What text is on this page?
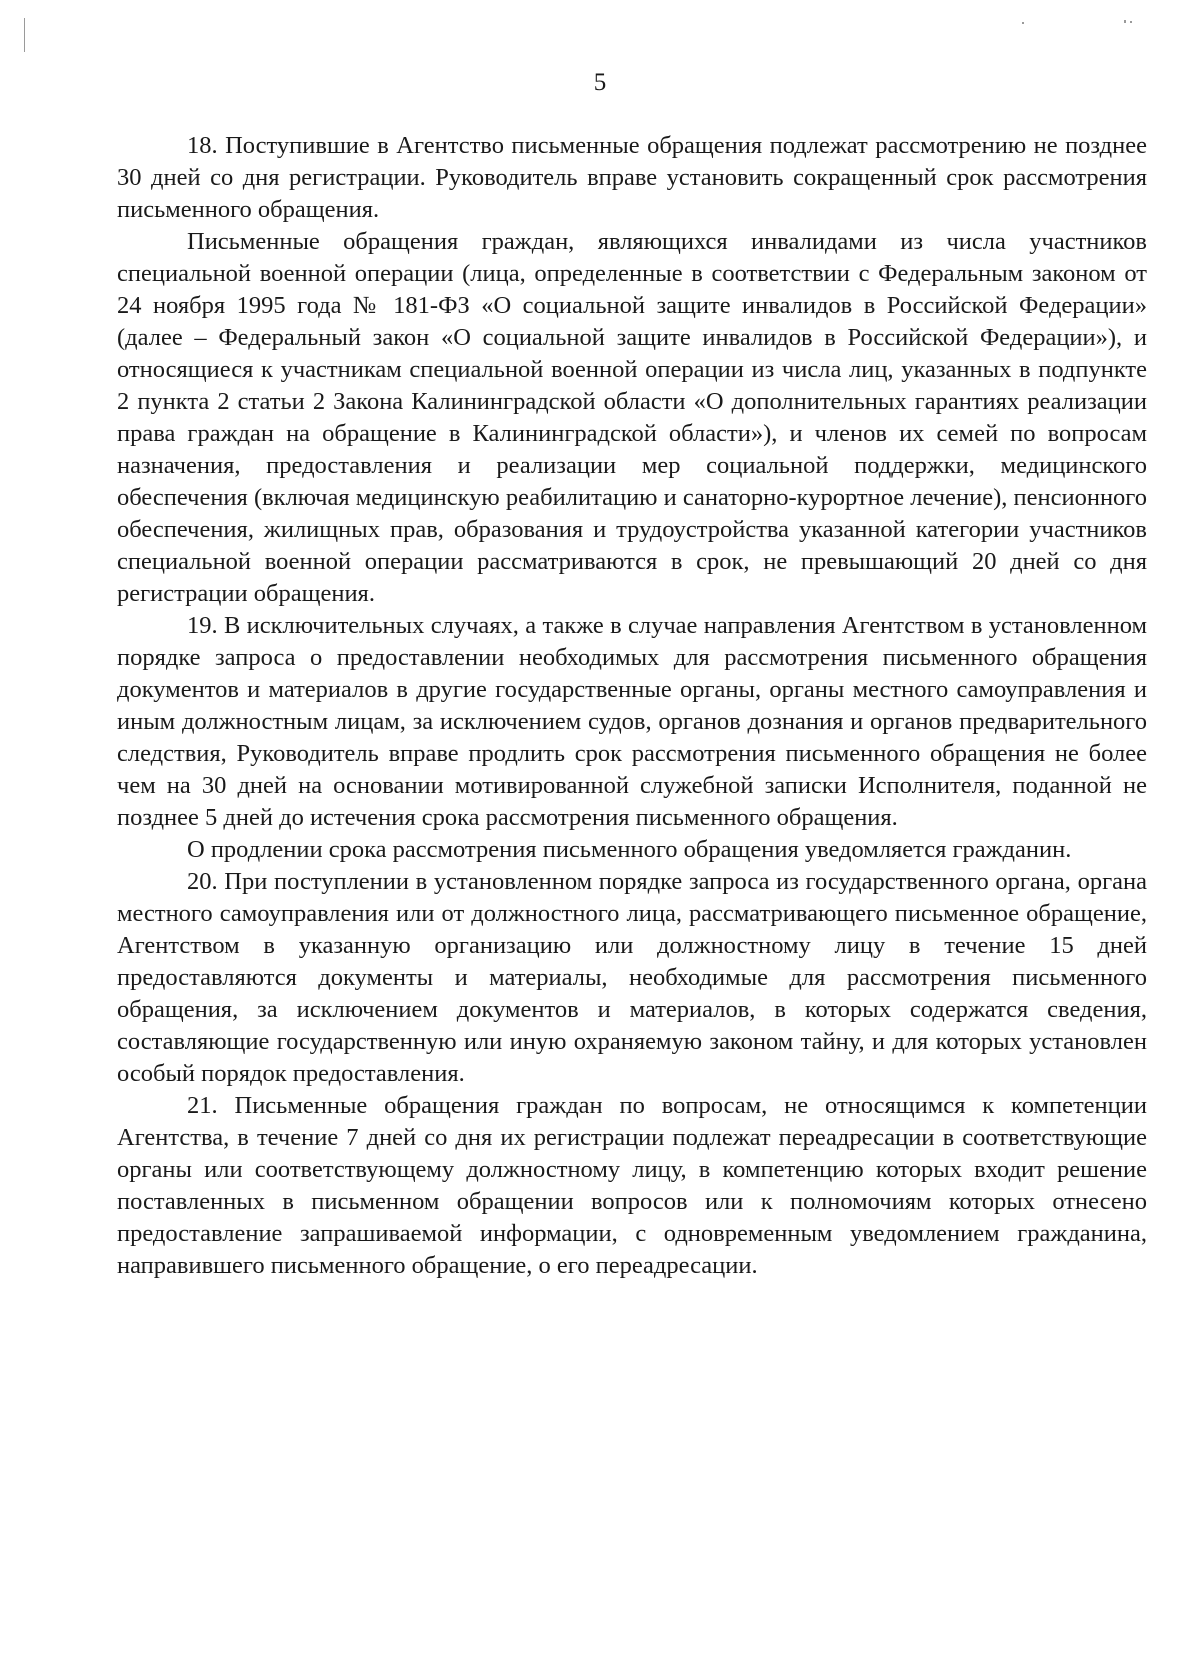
5

18. Поступившие в Агентство письменные обращения подлежат рассмотрению не позднее 30 дней со дня регистрации. Руководитель вправе установить сокращенный срок рассмотрения письменного обращения.

Письменные обращения граждан, являющихся инвалидами из числа участников специальной военной операции (лица, определенные в соответствии с Федеральным законом от 24 ноября 1995 года № 181-ФЗ «О социальной защите инвалидов в Российской Федерации» (далее – Федеральный закон «О социальной защите инвалидов в Российской Федерации»), и относящиеся к участникам специальной военной операции из числа лиц, указанных в подпункте 2 пункта 2 статьи 2 Закона Калининградской области «О дополнительных гарантиях реализации права граждан на обращение в Калининградской области»), и членов их семей по вопросам назначения, предоставления и реализации мер социальной поддержки, медицинского обеспечения (включая медицинскую реабилитацию и санаторно-курортное лечение), пенсионного обеспечения, жилищных прав, образования и трудоустройства указанной категории участников специальной военной операции рассматриваются в срок, не превышающий 20 дней со дня регистрации обращения.

19. В исключительных случаях, а также в случае направления Агентством в установленном порядке запроса о предоставлении необходимых для рассмотрения письменного обращения документов и материалов в другие государственные органы, органы местного самоуправления и иным должностным лицам, за исключением судов, органов дознания и органов предварительного следствия, Руководитель вправе продлить срок рассмотрения письменного обращения не более чем на 30 дней на основании мотивированной служебной записки Исполнителя, поданной не позднее 5 дней до истечения срока рассмотрения письменного обращения.

О продлении срока рассмотрения письменного обращения уведомляется гражданин.

20. При поступлении в установленном порядке запроса из государственного органа, органа местного самоуправления или от должностного лица, рассматривающего письменное обращение, Агентством в указанную организацию или должностному лицу в течение 15 дней предоставляются документы и материалы, необходимые для рассмотрения письменного обращения, за исключением документов и материалов, в которых содержатся сведения, составляющие государственную или иную охраняемую законом тайну, и для которых установлен особый порядок предоставления.

21. Письменные обращения граждан по вопросам, не относящимся к компетенции Агентства, в течение 7 дней со дня их регистрации подлежат переадресации в соответствующие органы или соответствующему должностному лицу, в компетенцию которых входит решение поставленных в письменном обращении вопросов или к полномочиям которых отнесено предоставление запрашиваемой информации, с одновременным уведомлением гражданина, направившего письменного обращение, о его переадресации.
